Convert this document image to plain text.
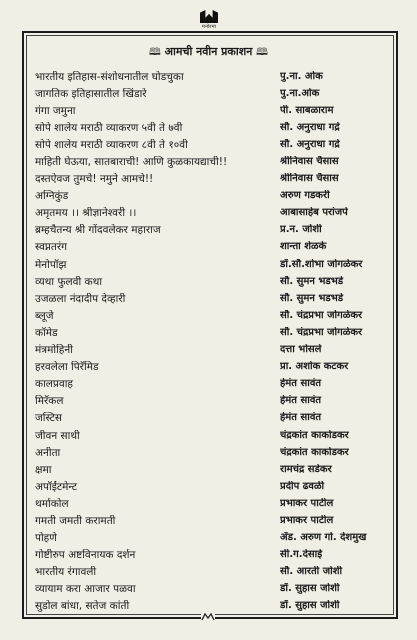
मनोरमा
🕮 आमची नवीन प्रकाशन 🕮
भारतीय इतिहास-संशोधनातील घोडचुका	पु.ना. ओक
जागतिक इतिहासातील खिंडारे	पु.ना.ओक
गंगा जमुना	पी. साबळाराम
सोपे शालेय मराठी व्याकरण ५वी ते ७वी	सौ. अनुराधा गद्रे
सोपे शालेय मराठी व्याकरण ८वी ते १०वी	सौ. अनुराधा गद्रे
माहिती घेऊया, सातबाराची! आणि कुळकायद्याची!!	श्रीनिवास चैसास
दस्तऐवज तुमचे! नमुने आमचे!!	श्रीनिवास चैसास
अग्निकुंड	अरुण गडकरी
अमृतमय ।। श्रीज्ञानेश्वरी ।।	आबासाहेब परांजपे
ब्रम्हचैतन्य श्री गोंदवलेकर महाराज	प्र.न. जोशी
स्वप्नतरंग	शान्ता शेळके
मेनोपॉझ	डॉ.सौ.शोभा जोगळेकर
व्यथा फुलवी कथा	सौ. सुमन भडभडे
उजळला नंदादीप देव्हारी	सौ. सुमन भडभडे
ब्लूजे	सौ. चंद्रप्रभा जोगळेकर
कॉमेड	सौ. चंद्रप्रभा जोगळेकर
मंत्रमोहिनी	दत्ता भोसले
हरवलेला पिरॅमिड	प्रा. अशोक कटकर
कालप्रवाह	हेमंत सावंत
मिरॅकल	हेमंत सावंत
जस्टिस	हेमंत सावंत
जीवन साथी	चंद्रकांत काकोडकर
अनीता	चंद्रकांत काकोडकर
क्षमा	रामचंद्र सडेकर
अपॉईंटमेन्ट	प्रदीप ढवळी
थर्माकोल	प्रभाकर पाटील
गमती जमती करामती	प्रभाकर पाटील
पोहणे	ॲड. अरुण गो. देशमुख
गोष्टीरुप अष्टविनायक दर्शन	सी.ग.देसाई
भारतीय रंगावली	सौ. आरती जोशी
व्यायाम करा आजार पळवा	डॉ. सुहास जोशी
सुडोल बांधा, सतेज कांती	डॉ. सुहास जोशी
